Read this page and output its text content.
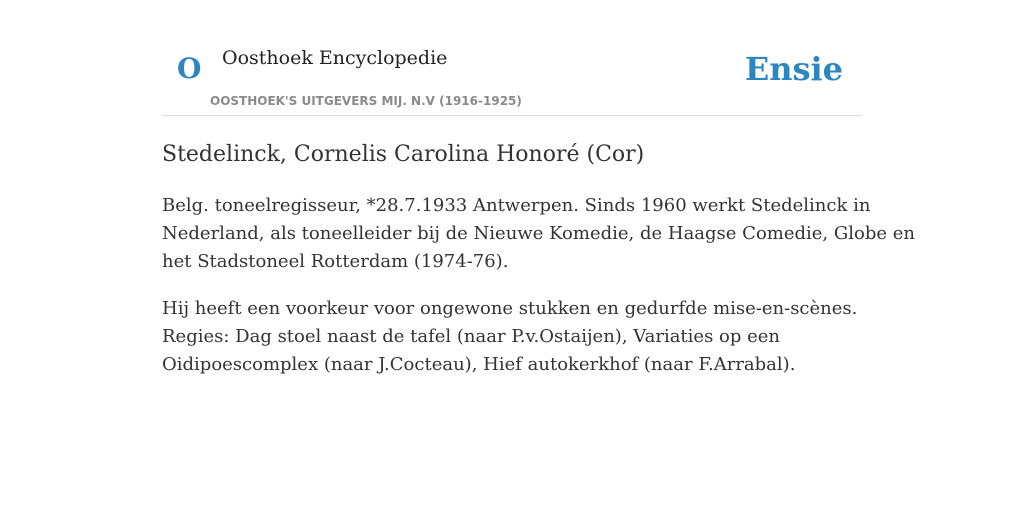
O Oosthoek Encyclopedie
OOSTHOEK'S UITGEVERS MIJ. N.V (1916-1925)
Ensie
Stedelinck, Cornelis Carolina Honoré (Cor)

Belg. toneelregisseur, *28.7.1933 Antwerpen. Sinds 1960 werkt Stedelinck in
Nederland, als toneelleider bij de Nieuwe Komedie, de Haagse Comedie, Globe en
het Stadstoneel Rotterdam (1974-76).

Hij heeft een voorkeur voor ongewone stukken en gedurfde mise-en-scènes.
Regies: Dag stoel naast de tafel (naar P.v.Ostaijen), Variaties op een
Oidipoescomplex (naar J.Cocteau), Hief autokerkhof (naar F.Arrabal).
